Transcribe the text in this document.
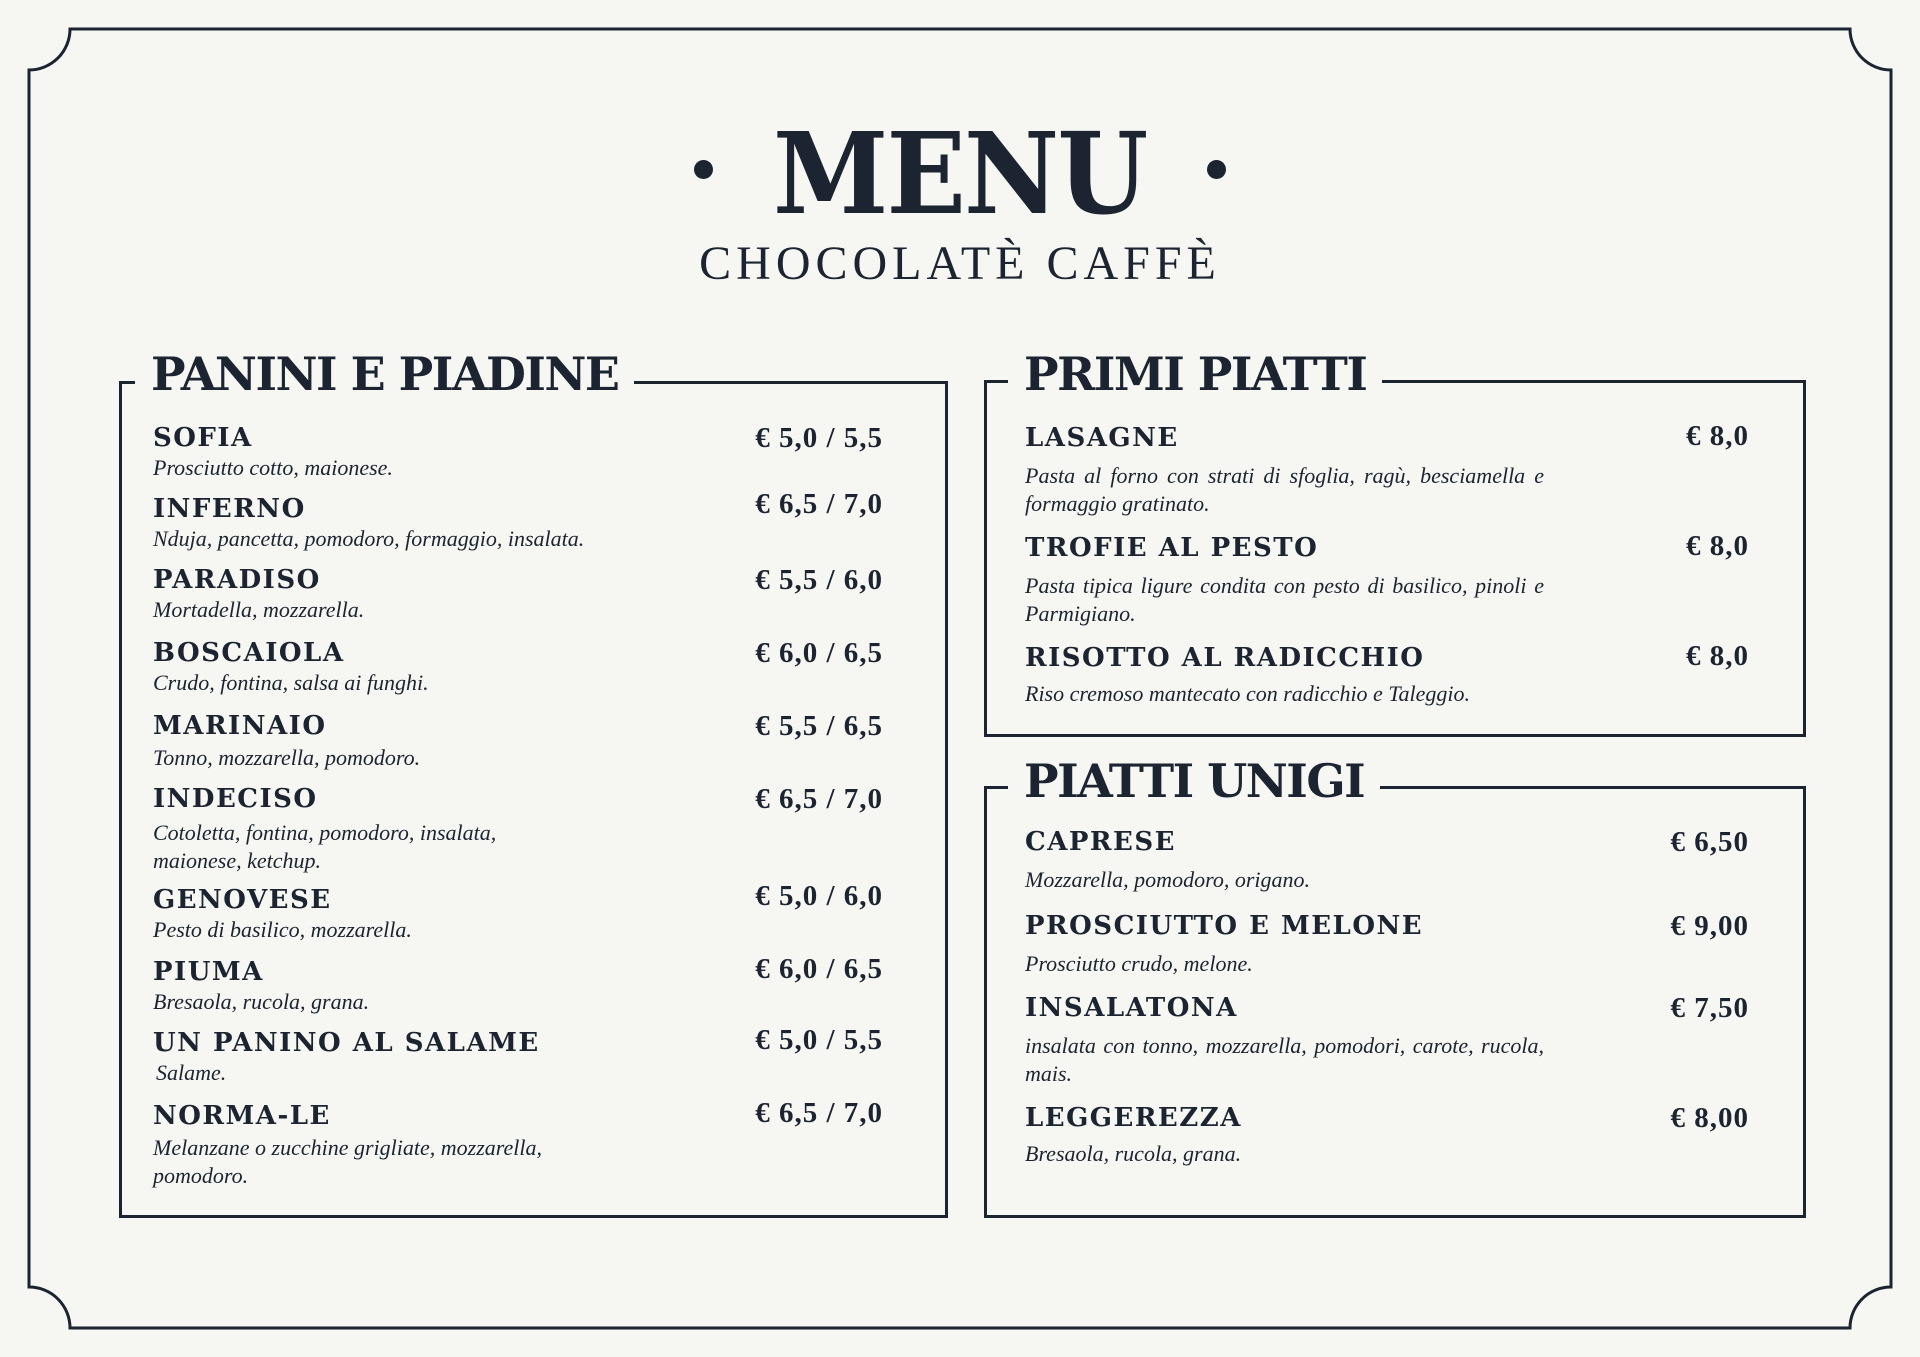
MENU
CHOCOLATÈ CAFFÈ
PANINI E PIADINE
SOFIA	€ 5,0 / 5,5
Prosciutto cotto, maionese.
INFERNO	€ 6,5 / 7,0
Nduja, pancetta, pomodoro, formaggio, insalata.
PARADISO	€ 5,5 / 6,0
Mortadella, mozzarella.
BOSCAIOLA	€ 6,0 / 6,5
Crudo, fontina, salsa ai funghi.
MARINAIO	€ 5,5 / 6,5
Tonno, mozzarella, pomodoro.
INDECISO	€ 6,5 / 7,0
Cotoletta, fontina, pomodoro, insalata, maionese, ketchup.
GENOVESE	€ 5,0 / 6,0
Pesto di basilico, mozzarella.
PIUMA	€ 6,0 / 6,5
Bresaola, rucola, grana.
UN PANINO AL SALAME	€ 5,0 / 5,5
Salame.
NORMA-LE	€ 6,5 / 7,0
Melanzane o zucchine grigliate, mozzarella, pomodoro.
PRIMI PIATTI
LASAGNE	€ 8,0
Pasta al forno con strati di sfoglia, ragù, besciamella e formaggio gratinato.
TROFIE AL PESTO	€ 8,0
Pasta tipica ligure condita con pesto di basilico, pinoli e Parmigiano.
RISOTTO AL RADICCHIO	€ 8,0
Riso cremoso mantecato con radicchio e Taleggio.
PIATTI UNIGI
CAPRESE	€ 6,50
Mozzarella, pomodoro, origano.
PROSCIUTTO E MELONE	€ 9,00
Prosciutto crudo, melone.
INSALATONA	€ 7,50
insalata con tonno, mozzarella, pomodori, carote, rucola, mais.
LEGGEREZZA	€ 8,00
Bresaola, rucola, grana.
